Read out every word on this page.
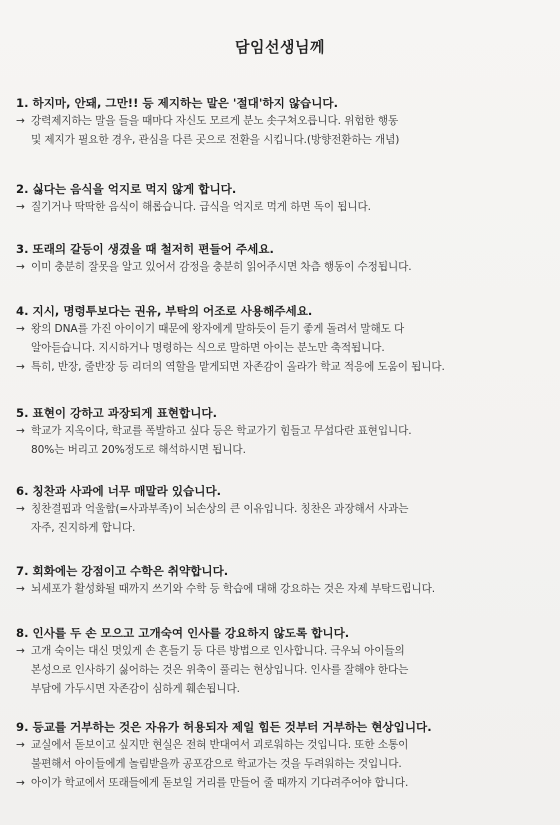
담임선생님께
1. 하지마, 안돼, 그만!! 등 제지하는 말은 '절대'하지 않습니다.
→ 강력제지하는 말을 들을 때마다 자신도 모르게 분노 솟구쳐오릅니다. 위험한 행동
및 제지가 필요한 경우, 관심을 다른 곳으로 전환을 시킵니다.(방향전환하는 개념)
2. 싫다는 음식을 억지로 먹지 않게 합니다.
→ 질기거나 딱딱한 음식이 해롭습니다. 급식을 억지로 먹게 하면 독이 됩니다.
3. 또래의 갈등이 생겼을 때 철저히 편들어 주세요.
→ 이미 충분히 잘못을 알고 있어서 감정을 충분히 읽어주시면 차츰 행동이 수정됩니다.
4. 지시, 명령투보다는 권유, 부탁의 어조로 사용해주세요.
→ 왕의 DNA를 가진 아이이기 때문에 왕자에게 말하듯이 듣기 좋게 돌려서 말해도 다
알아듣습니다. 지시하거나 명령하는 식으로 말하면 아이는 분노만 축적됩니다.
→ 특히, 반장, 줄반장 등 리더의 역할을 맡게되면 자존감이 올라가 학교 적응에 도움이 됩니다.
5. 표현이 강하고 과장되게 표현합니다.
→ 학교가 지옥이다, 학교를 폭발하고 싶다 등은 학교가기 힘들고 무섭다란 표현입니다.
80%는 버리고 20%정도로 해석하시면 됩니다.
6. 칭찬과 사과에 너무 매말라 있습니다.
→ 칭찬결핍과 억울함(=사과부족)이 뇌손상의 큰 이유입니다. 칭찬은 과장해서 사과는
자주, 진지하게 합니다.
7. 회화에는 강점이고 수학은 취약합니다.
→ 뇌세포가 활성화될 때까지 쓰기와 수학 등 학습에 대해 강요하는 것은 자제 부탁드립니다.
8. 인사를 두 손 모으고 고개숙여 인사를 강요하지 않도록 합니다.
→ 고개 숙이는 대신 멋있게 손 흔들기 등 다른 방법으로 인사합니다. 극우뇌 아이들의
본성으로 인사하기 싫어하는 것은 위축이 풀리는 현상입니다. 인사를 잘해야 한다는
부담에 가두시면 자존감이 심하게 훼손됩니다.
9. 등교를 거부하는 것은 자유가 허용되자 제일 힘든 것부터 거부하는 현상입니다.
→ 교실에서 돋보이고 싶지만 현실은 전혀 반대여서 괴로워하는 것입니다. 또한 소통이
불편해서 아이들에게 놀림받을까 공포감으로 학교가는 것을 두려워하는 것입니다.
→ 아이가 학교에서 또래들에게 돋보일 거리를 만들어 줄 때까지 기다려주어야 합니다.
